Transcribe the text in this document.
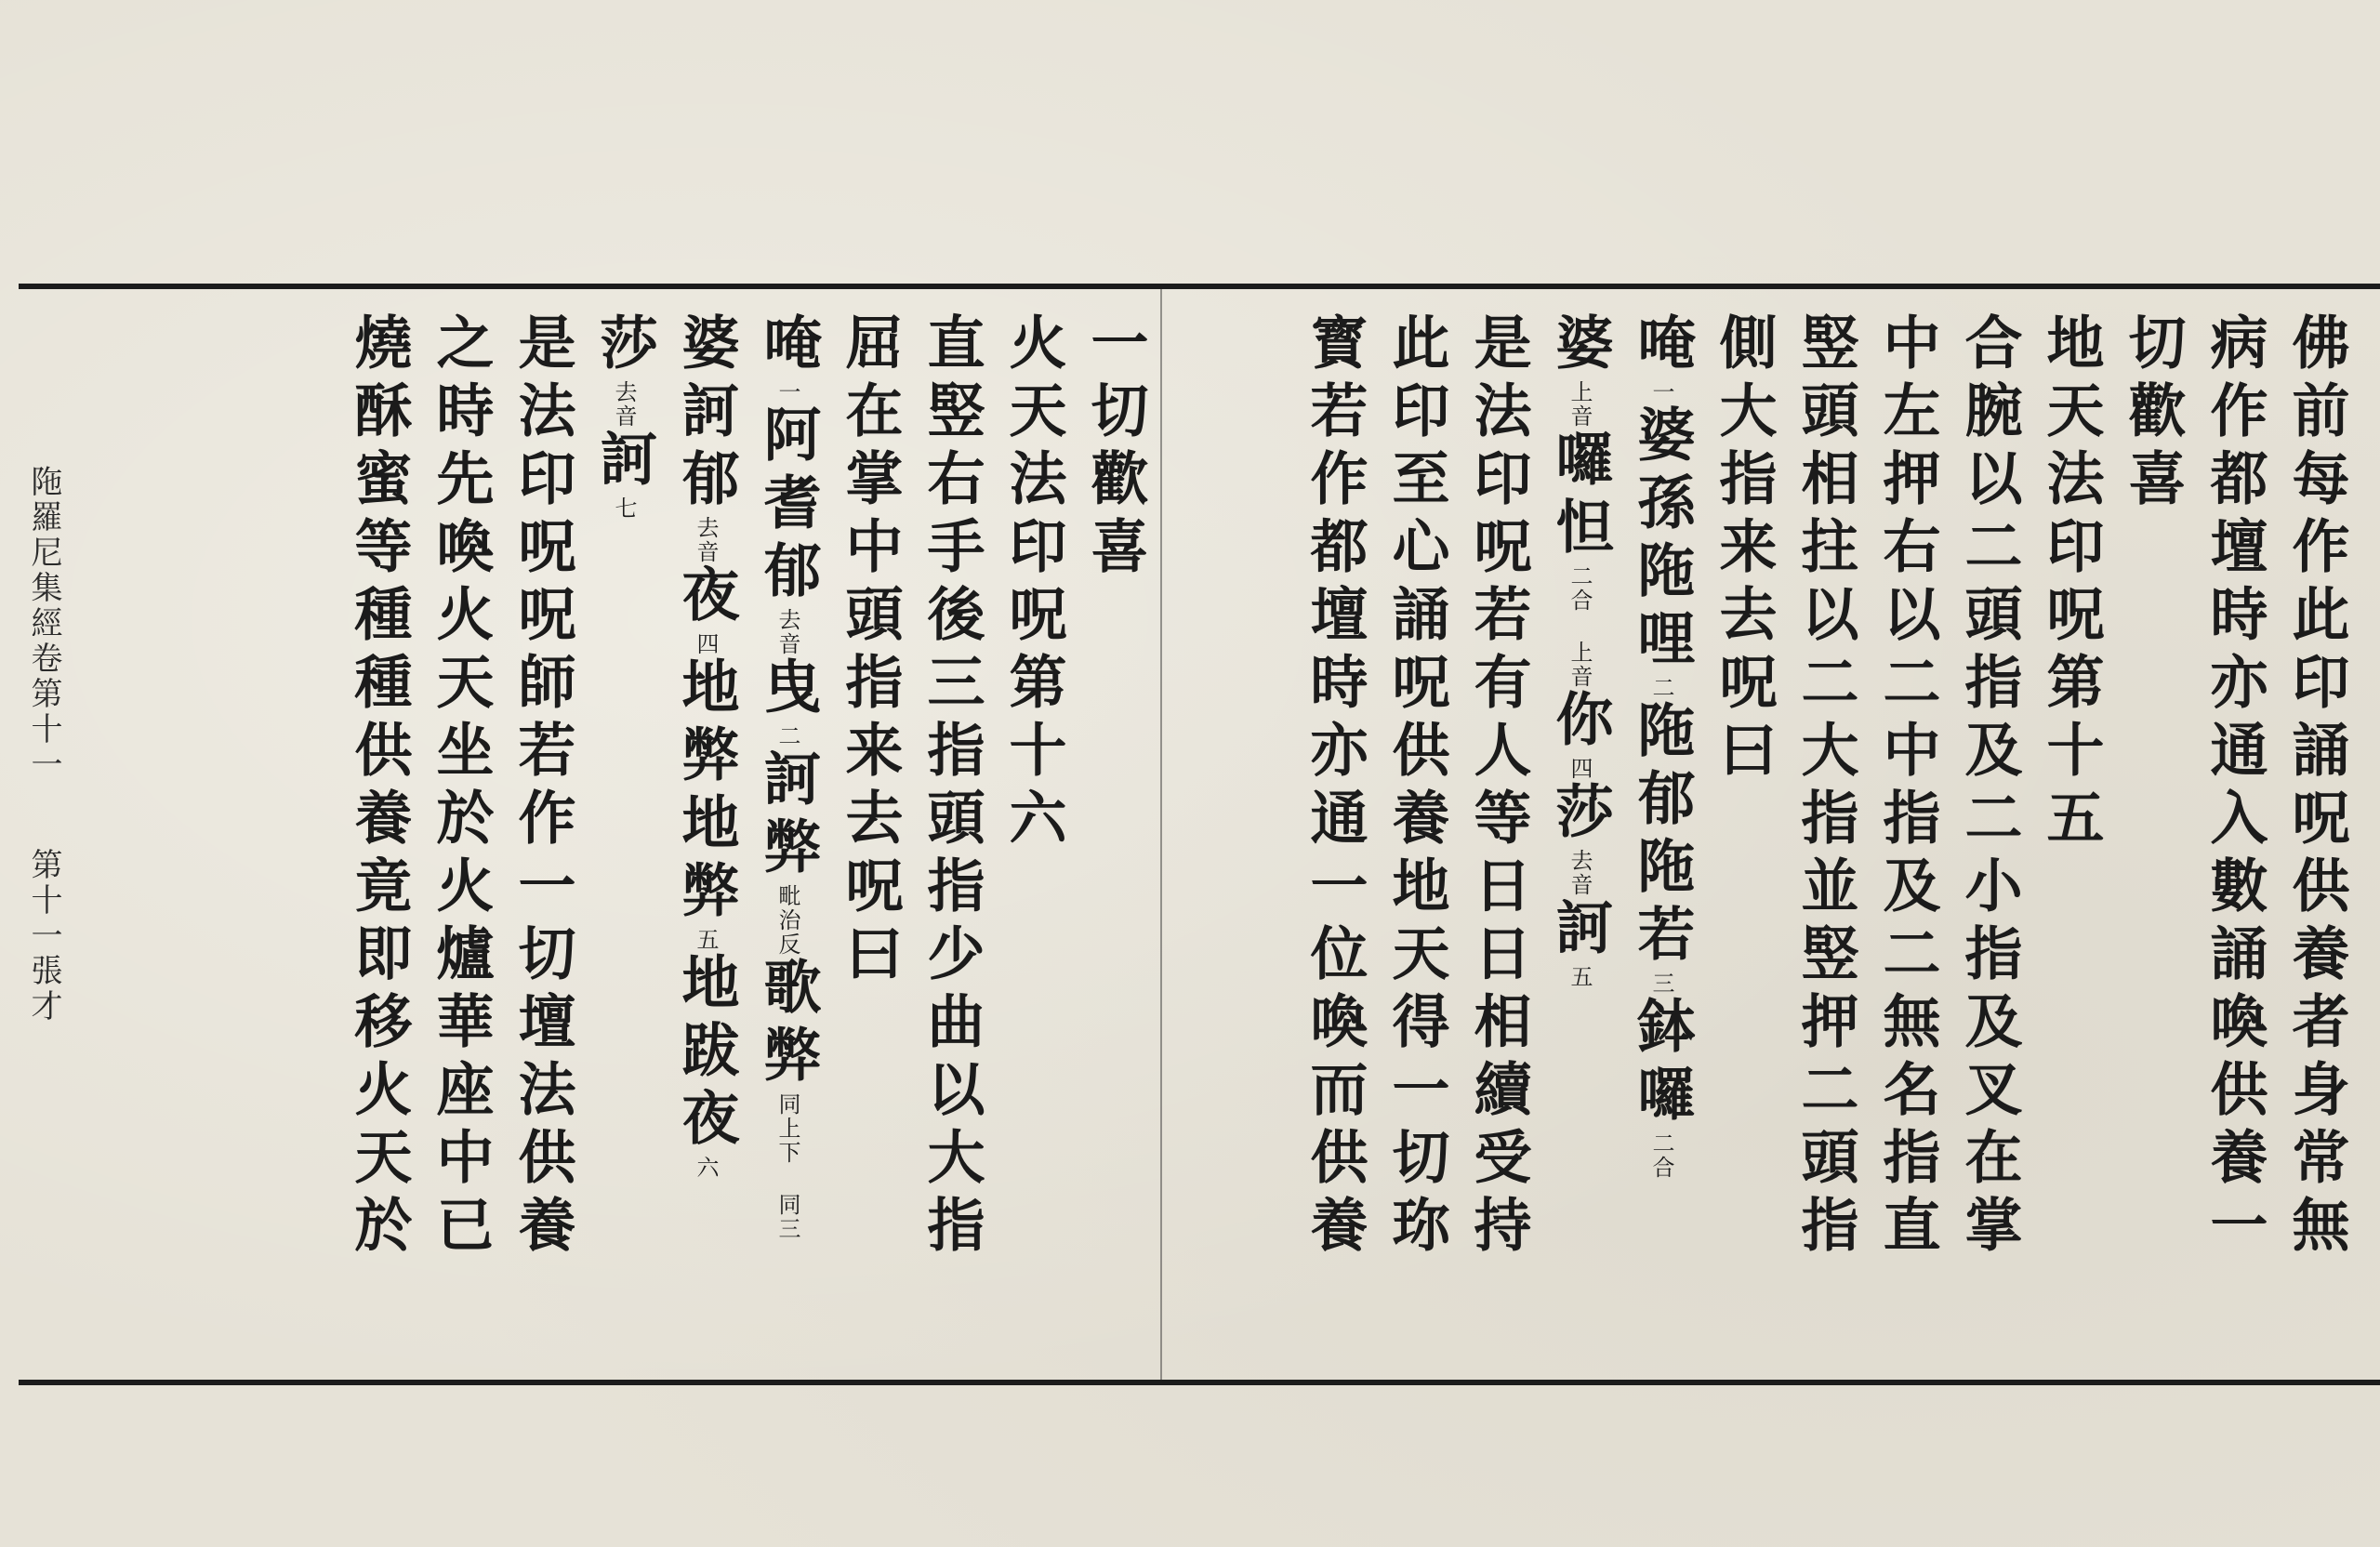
佛前每作此印誦呪供養者身常無
病作都壇時亦通入數誦喚供養一
切歡喜
地天法印呪第十五
合腕以二頭指及二小指及叉在掌
中左押右以二中指及二無名指直
竪頭相拄以二大指並竪押二頭指
側大指来去呪曰
唵一婆孫陁哩二陁郁陁若三鉢囉二合
婆上音囉怛二合 上音你四莎去音訶五
是法印呪若有人等日日相續受持
此印至心誦呪供養地天得一切珎
寳若作都壇時亦通一位喚而供養
一切歡喜
火天法印呪第十六
直竪右手後三指頭指少曲以大指
屈在掌中頭指来去呪曰
唵一阿耆郁去音曳二訶弊毗治反歌弊同上下 同三
婆訶郁去音夜四地弊地弊五地跋夜六
莎去音訶七
是法印呪呪師若作一切壇法供養
之時先喚火天坐於火爐華座中已
燒酥蜜等種種供養竟即移火天於
陁羅尼集經卷第十一第十一張才
